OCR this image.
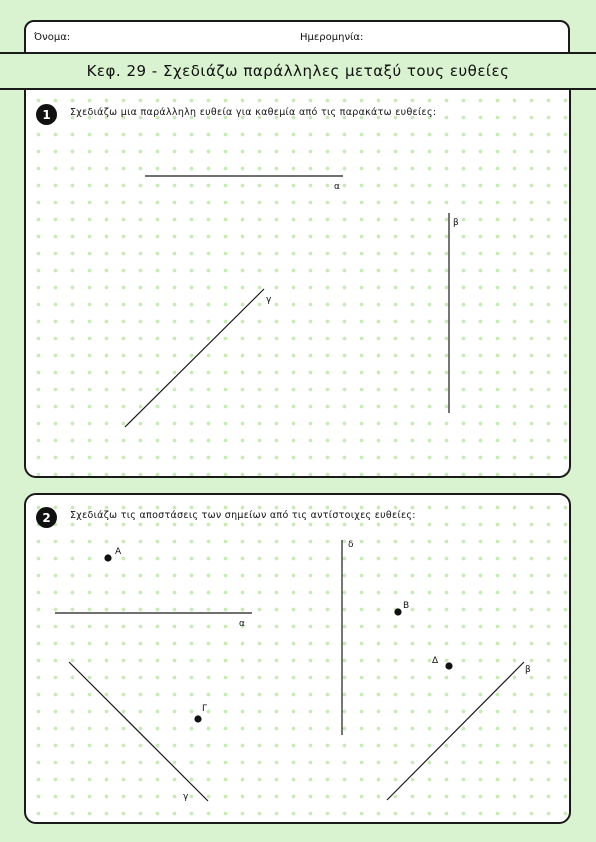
Όνομα:	Ημερομηνία:
1	Σχεδιάζω μια παράλληλη ευθεία για καθεμία από τις παρακάτω ευθείες:
Κεφ. 29 - Σχεδιάζω παράλληλες μεταξύ τους ευθείες
2	Σχεδιάζω τις αποστάσεις των σημείων από τις αντίστοιχες ευθείες:
α
β
γ
Α
Β
Γ
Δ
α
δ
γ
β
